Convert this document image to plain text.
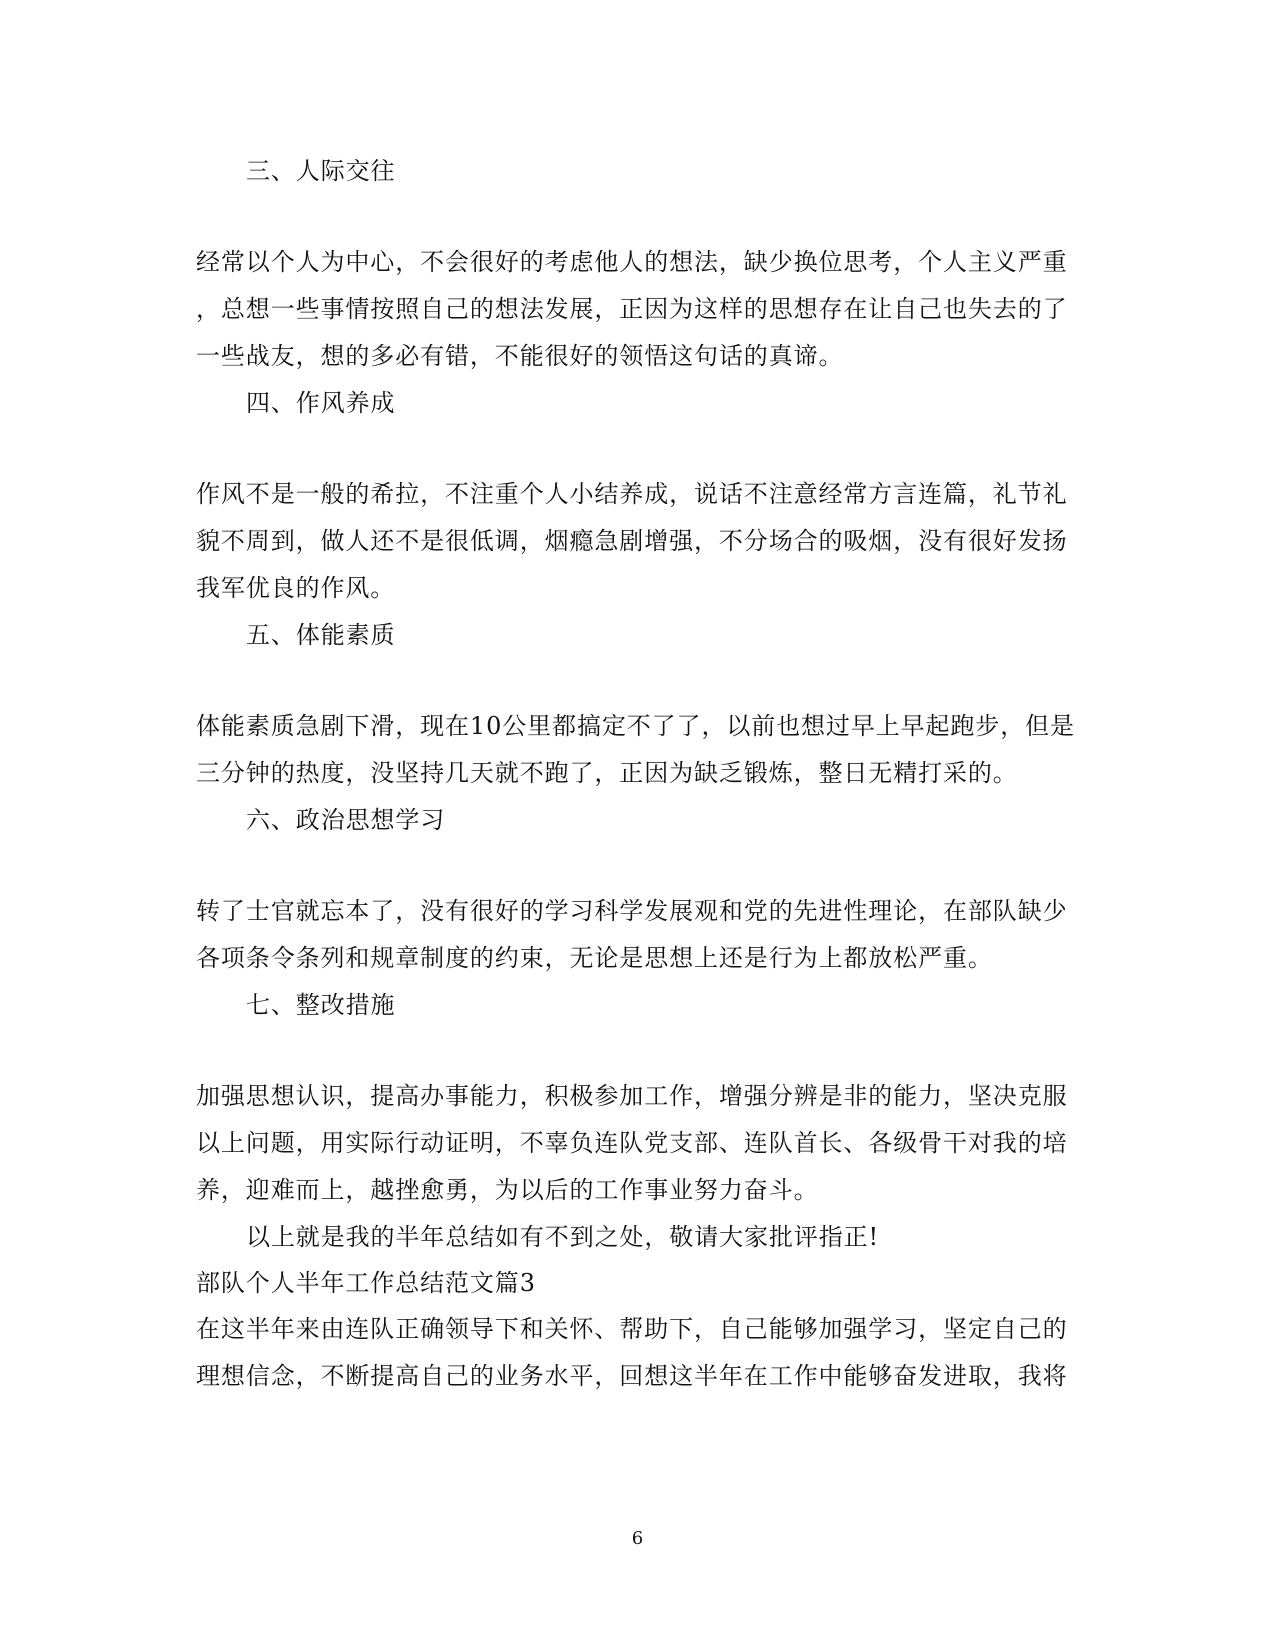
三、人际交往
经常以个人为中心，不会很好的考虑他人的想法，缺少换位思考，个人主义严重
，总想一些事情按照自己的想法发展，正因为这样的思想存在让自己也失去的了
一些战友，想的多必有错，不能很好的领悟这句话的真谛。
四、作风养成
作风不是一般的希拉，不注重个人小结养成，说话不注意经常方言连篇，礼节礼
貌不周到，做人还不是很低调，烟瘾急剧增强，不分场合的吸烟，没有很好发扬
我军优良的作风。
五、体能素质
体能素质急剧下滑，现在10公里都搞定不了了，以前也想过早上早起跑步，但是
三分钟的热度，没坚持几天就不跑了，正因为缺乏锻炼，整日无精打采的。
六、政治思想学习
转了士官就忘本了，没有很好的学习科学发展观和党的先进性理论，在部队缺少
各项条令条列和规章制度的约束，无论是思想上还是行为上都放松严重。
七、整改措施
加强思想认识，提高办事能力，积极参加工作，增强分辨是非的能力，坚决克服
以上问题，用实际行动证明，不辜负连队党支部、连队首长、各级骨干对我的培
养，迎难而上，越挫愈勇，为以后的工作事业努力奋斗。
以上就是我的半年总结如有不到之处，敬请大家批评指正!
部队个人半年工作总结范文篇3
在这半年来由连队正确领导下和关怀、帮助下，自己能够加强学习，坚定自己的
理想信念，不断提高自己的业务水平，回想这半年在工作中能够奋发进取，我将
6
